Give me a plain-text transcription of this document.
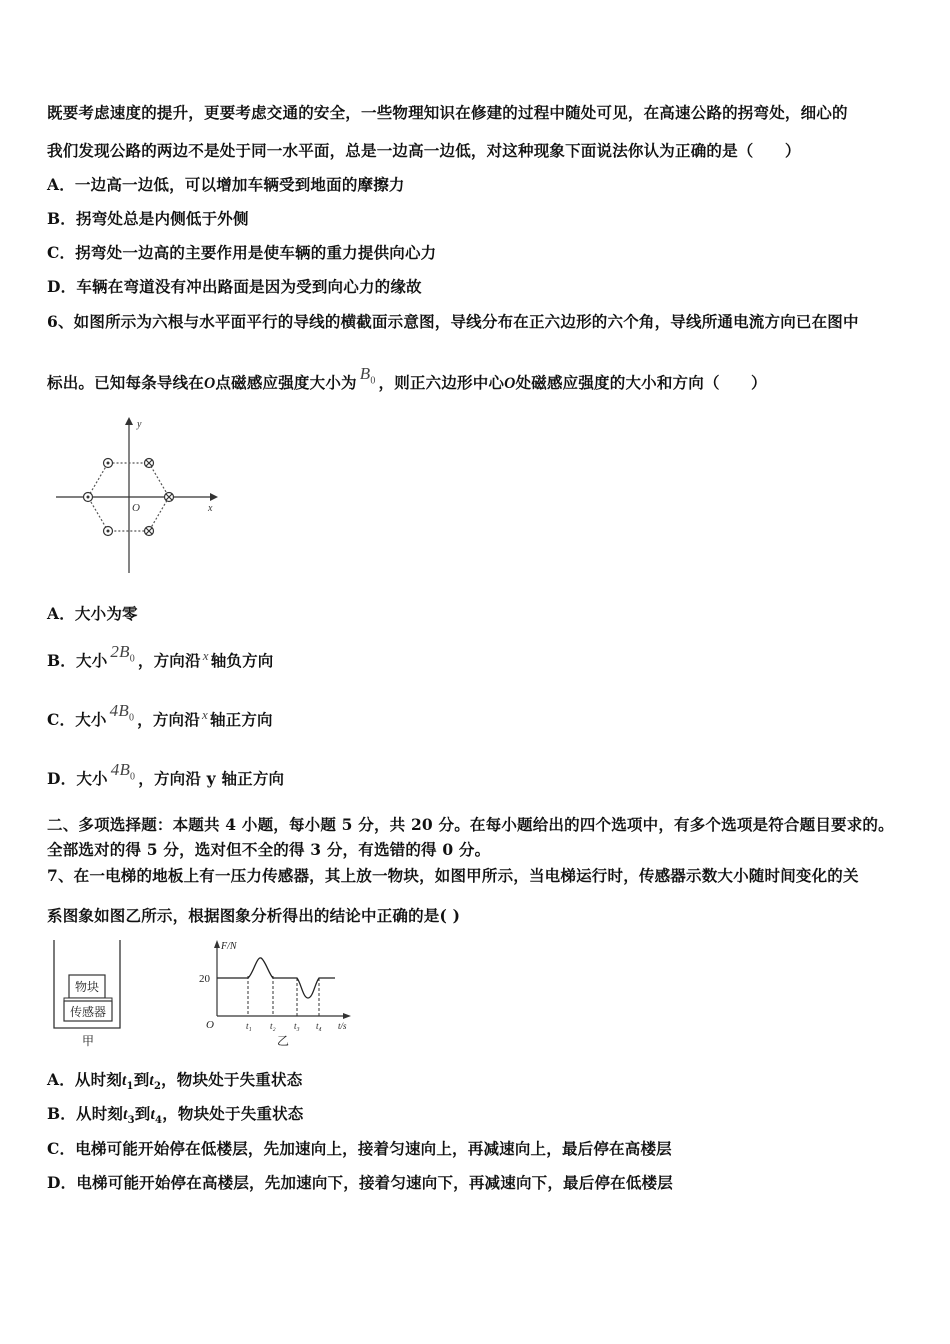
既要考虑速度的提升，更要考虑交通的安全，一些物理知识在修建的过程中随处可见，在高速公路的拐弯处，细心的
我们发现公路的两边不是处于同一水平面，总是一边高一边低，对这种现象下面说法你认为正确的是（　　）
A．一边高一边低，可以增加车辆受到地面的摩擦力
B．拐弯处总是内侧低于外侧
C．拐弯处一边高的主要作用是使车辆的重力提供向心力
D．车辆在弯道没有冲出路面是因为受到向心力的缘故
6、如图所示为六根与水平面平行的导线的横截面示意图，导线分布在正六边形的六个角，导线所通电流方向已在图中
标出。已知每条导线在O点磁感应强度大小为 $B_0$ ，则正六边形中心O处磁感应强度的大小和方向（　　）
y
x
O
A．大小为零
B．大小 $2B_0$ ，方向沿 $^x$ 轴负方向
C．大小 $4B_0$ ，方向沿 $^x$ 轴正方向
D．大小 $4B_0$ ，方向沿 y 轴正方向
二、多项选择题：本题共 4 小题，每小题 5 分，共 20 分。在每小题给出的四个选项中，有多个选项是符合题目要求的。
全部选对的得 5 分，选对但不全的得 3 分，有选错的得 0 分。
7、在一电梯的地板上有一压力传感器，其上放一物块，如图甲所示，当电梯运行时，传感器示数大小随时间变化的关
系图象如图乙所示，根据图象分析得出的结论中正确的是( )
物块
传感器
甲
F/N
20
O	t₁ t₂ t₃ t₄ t/s
乙
A．从时刻$t_1$到$t_2$，物块处于失重状态
B．从时刻$t_3$到$t_4$，物块处于失重状态
C．电梯可能开始停在低楼层，先加速向上，接着匀速向上，再减速向上，最后停在高楼层
D．电梯可能开始停在高楼层，先加速向下，接着匀速向下，再减速向下，最后停在低楼层
